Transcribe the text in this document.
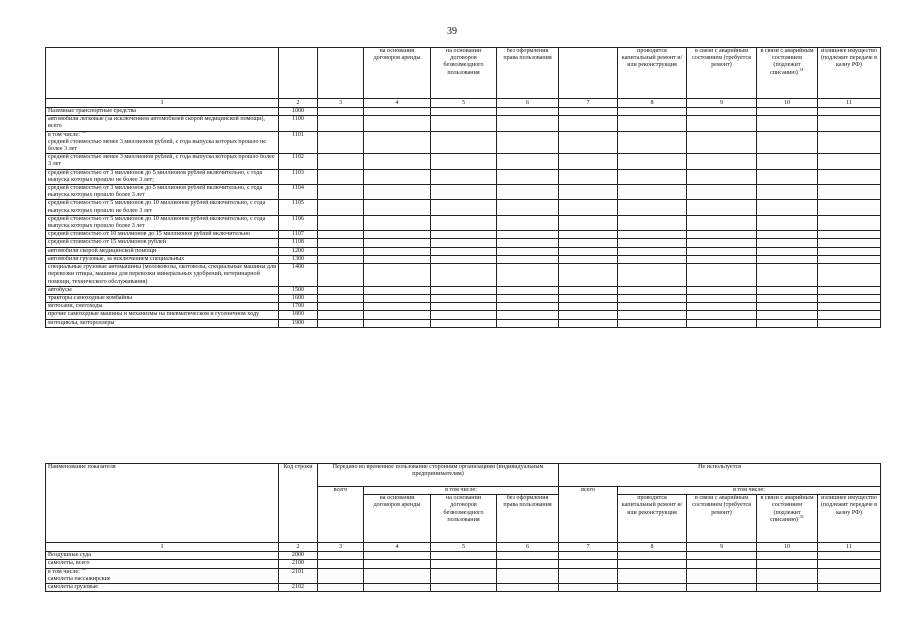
39
			на основании договоров аренды	на основании договоров безвозмездного пользования	без оформления права пользования		проводится капитальный ремонт и/или реконструкция	в связи с аварийным состоянием (требуется ремонт)	в связи с аварийным состоянием (подлежит списанию) $^{31}$	излишнее имущество (подлежит передаче в казну РФ)
1	2	3	4	5	6	7	8	9	10	11
Наземные транспортные средства	1000									
автомобили легковые (за исключением автомобилей скорой медицинской помощи), всего	1100									
в том числе: $^{30}$
средней стоимостью менее 3 миллионов рублей, с года выпуска которых прошло не более 3 лет	1101									
средней стоимостью менее 3 миллионов рублей, с года выпуска которых прошло более 3 лет	1102									
средней стоимостью от 3 миллионов до 5 миллионов рублей включительно, с года выпуска которых прошло не более 3 лет;	1103									
средней стоимостью от 3 миллионов до 5 миллионов рублей включительно, с года выпуска которых прошло более 3 лет	1104									
средней стоимостью от 5 миллионов до 10 миллионов рублей включительно, с года выпуска которых прошло не более 3 лет	1105									
средней стоимостью от 5 миллионов до 10 миллионов рублей включительно, с года выпуска которых прошло более 3 лет	1106									
средней стоимостью от 10 миллионов до 15 миллионов рублей включительно	1107									
средней стоимостью от 15 миллионов рублей	1108									
автомобили скорой медицинской помощи	1200									
автомобили грузовые, за исключением специальных	1300									
специальные грузовые автомашины (молоковозы, скотовозы, специальные машины для перевозки птицы, машины для перевозки минеральных удобрений, ветеринарной помощи, технического обслуживания)	1400									
автобусы	1500									
тракторы самоходные комбайны	1600									
мотосани, снегоходы	1700									
прочие самоходные машины и механизмы на пневматическом и гусеничном ходу	1800									
мотоциклы, мотороллеры	1900									
Наименование показателя	Код строки	Передано во временное пользование сторонним организациям (индивидуальным предпринимателям)				Не используется				
		всего	в том числе:			всего	в том числе:			
			на основании договоров аренды	на основании договоров безвозмездного пользования	без оформления права пользования		проводится капитальный ремонт и/или реконструкция	в связи с аварийным состоянием (требуется ремонт)	в связи с аварийным состоянием (подлежит списанию) $^{31}$	излишнее имущество (подлежит передаче в казну РФ)
1	2	3	4	5	6	7	8	9	10	11
Воздушные суда	2000									
самолеты, всего	2100									
в том числе: $^{30}$
самолеты пассажирские	2101									
самолеты грузовые	2102									
